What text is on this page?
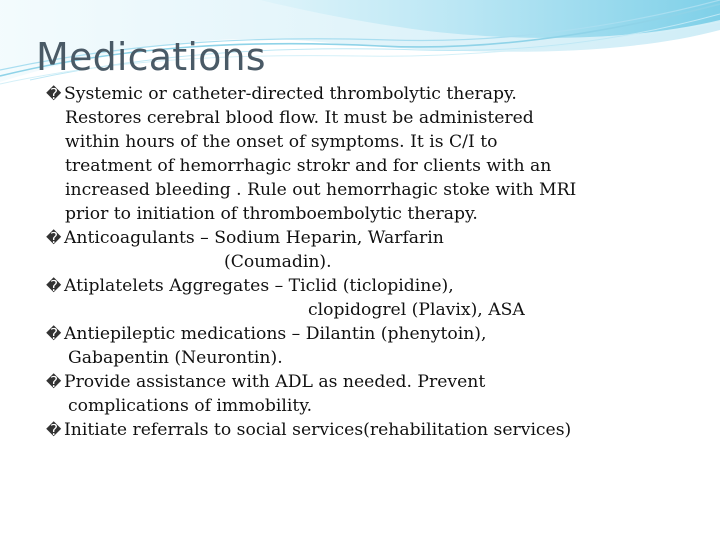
Medications
� Systemic or catheter-directed thrombolytic therapy.
Restores cerebral blood flow. It must be administered
within hours of the onset of symptoms. It is C/I to
treatment of hemorrhagic strokr and for clients with an
increased bleeding . Rule out hemorrhagic stoke with MRI
prior to initiation of thromboembolytic therapy.
� Anticoagulants – Sodium Heparin, Warfarin
(Coumadin).
� Atiplatelets Aggregates – Ticlid (ticlopidine),
clopidogrel (Plavix), ASA
� Antiepileptic medications – Dilantin (phenytoin),
Gabapentin (Neurontin).
� Provide assistance with ADL as needed. Prevent
complications of immobility.
� Initiate referrals to social services(rehabilitation services)
